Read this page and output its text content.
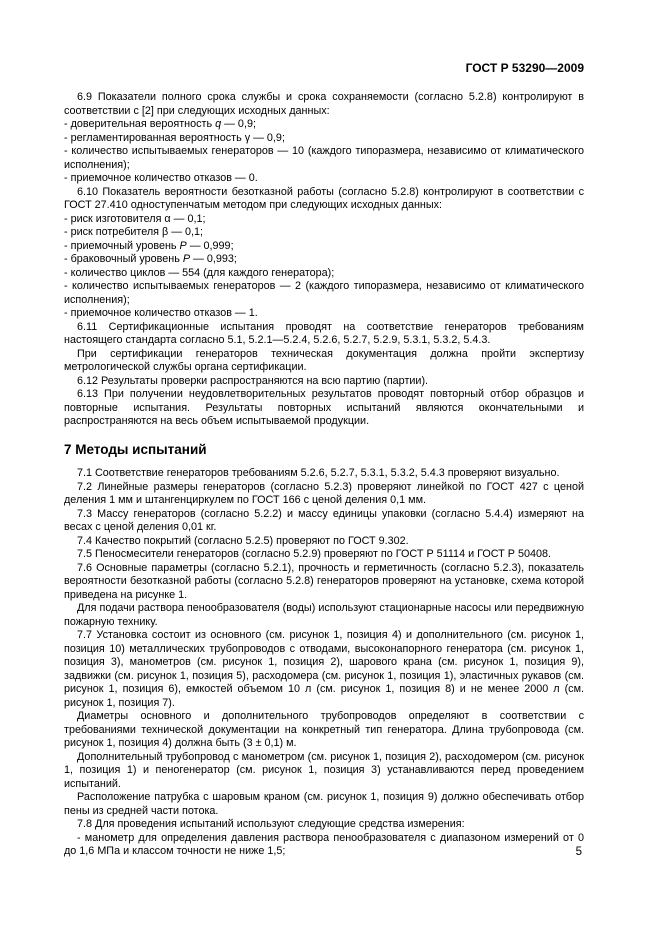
ГОСТ Р 53290—2009

6.9 Показатели полного срока службы и срока сохраняемости (согласно 5.2.8) контролируют в соответствии с [2] при следующих исходных данных:

- доверительная вероятность q — 0,9;

- регламентированная вероятность γ — 0,9;

- количество испытываемых генераторов — 10 (каждого типоразмера, независимо от климатического исполнения);

- приемочное количество отказов — 0.

6.10 Показатель вероятности безотказной работы (согласно 5.2.8) контролируют в соответствии с ГОСТ 27.410 одноступенчатым методом при следующих исходных данных:

- риск изготовителя α — 0,1;

- риск потребителя β — 0,1;

- приемочный уровень P — 0,999;

- браковочный уровень P — 0,993;

- количество циклов — 554 (для каждого генератора);

- количество испытываемых генераторов — 2 (каждого типоразмера, независимо от климатического исполнения);

- приемочное количество отказов — 1.

6.11 Сертификационные испытания проводят на соответствие генераторов требованиям настоящего стандарта согласно 5.1, 5.2.1—5.2.4, 5.2.6, 5.2.7, 5.2.9, 5.3.1, 5.3.2, 5.4.3.

При сертификации генераторов техническая документация должна пройти экспертизу метрологической службы органа сертификации.

6.12 Результаты проверки распространяются на всю партию (партии).

6.13 При получении неудовлетворительных результатов проводят повторный отбор образцов и повторные испытания. Результаты повторных испытаний являются окончательными и распространяются на весь объем испытываемой продукции.

7 Методы испытаний

7.1 Соответствие генераторов требованиям 5.2.6, 5.2.7, 5.3.1, 5.3.2, 5.4.3 проверяют визуально.

7.2 Линейные размеры генераторов (согласно 5.2.3) проверяют линейкой по ГОСТ 427 с ценой деления 1 мм и штангенциркулем по ГОСТ 166 с ценой деления 0,1 мм.

7.3 Массу генераторов (согласно 5.2.2) и массу единицы упаковки (согласно 5.4.4) измеряют на весах с ценой деления 0,01 кг.

7.4 Качество покрытий (согласно 5.2.5) проверяют по ГОСТ 9.302.

7.5 Пеносмесители генераторов (согласно 5.2.9) проверяют по ГОСТ Р 51114 и ГОСТ Р 50408.

7.6 Основные параметры (согласно 5.2.1), прочность и герметичность (согласно 5.2.3), показатель вероятности безотказной работы (согласно 5.2.8) генераторов проверяют на установке, схема которой приведена на рисунке 1.

Для подачи раствора пенообразователя (воды) используют стационарные насосы или передвижную пожарную технику.

7.7 Установка состоит из основного (см. рисунок 1, позиция 4) и дополнительного (см. рисунок 1, позиция 10) металлических трубопроводов с отводами, высоконапорного генератора (см. рисунок 1, позиция 3), манометров (см. рисунок 1, позиция 2), шарового крана (см. рисунок 1, позиция 9), задвижки (см. рисунок 1, позиция 5), расходомера (см. рисунок 1, позиция 1), эластичных рукавов (см. рисунок 1, позиция 6), емкостей объемом 10 л (см. рисунок 1, позиция 8) и не менее 2000 л (см. рисунок 1, позиция 7).

Диаметры основного и дополнительного трубопроводов определяют в соответствии с требованиями технической документации на конкретный тип генератора. Длина трубопровода (см. рисунок 1, позиция 4) должна быть (3 ± 0,1) м.

Дополнительный трубопровод с манометром (см. рисунок 1, позиция 2), расходомером (см. рисунок 1, позиция 1) и пеногенератор (см. рисунок 1, позиция 3) устанавливаются перед проведением испытаний.

Расположение патрубка с шаровым краном (см. рисунок 1, позиция 9) должно обеспечивать отбор пены из средней части потока.

7.8 Для проведения испытаний используют следующие средства измерения:

- манометр для определения давления раствора пенообразователя с диапазоном измерений от 0 до 1,6 МПа и классом точности не ниже 1,5;	5
